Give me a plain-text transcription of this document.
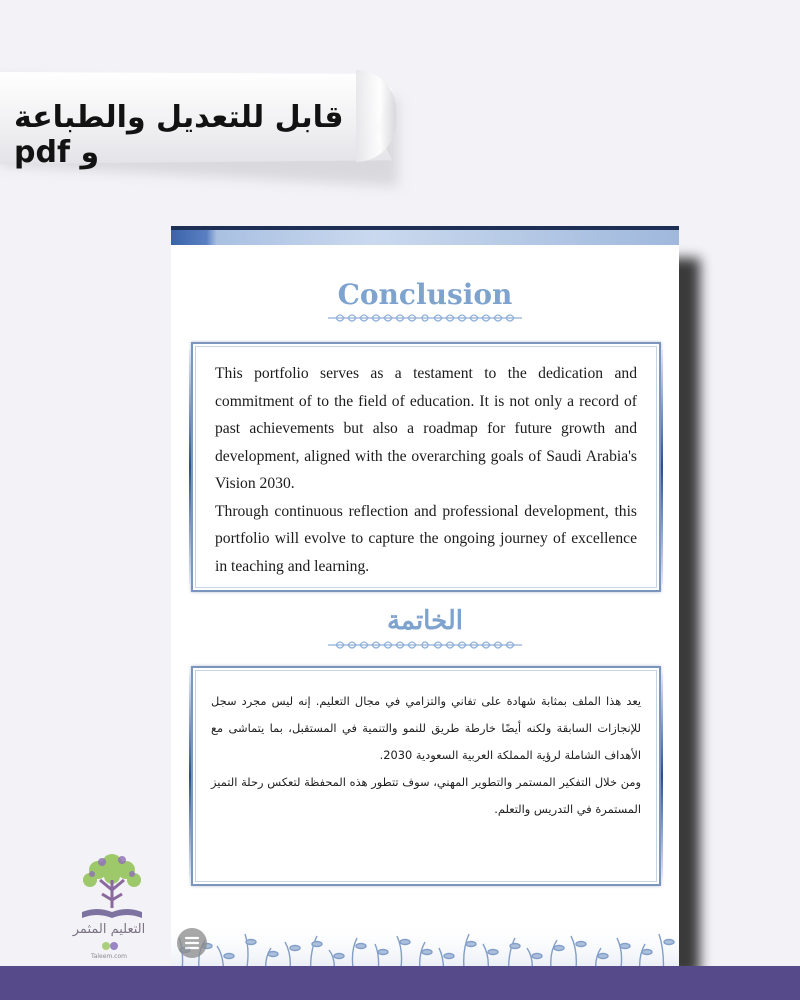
قابل للتعديل والطباعة و pdf
Conclusion

This portfolio serves as a testament to the dedication and commitment of to the field of education. It is not only a record of past achievements but also a roadmap for future growth and development, aligned with the overarching goals of Saudi Arabia's Vision 2030.

Through continuous reflection and professional development, this portfolio will evolve to capture the ongoing journey of excellence in teaching and learning.

الخاتمة

يعد هذا الملف بمثابة شهادة على تفاني والتزامي في مجال التعليم. إنه ليس مجرد سجل للإنجازات السابقة ولكنه أيضًا خارطة طريق للنمو والتنمية في المستقبل، بما يتماشى مع الأهداف الشاملة لرؤية المملكة العربية السعودية 2030.

ومن خلال التفكير المستمر والتطوير المهني، سوف تتطور هذه المحفظة لتعكس رحلة التميز المستمرة في التدريس والتعلم.

التعليم المثمر
Taleem.com
